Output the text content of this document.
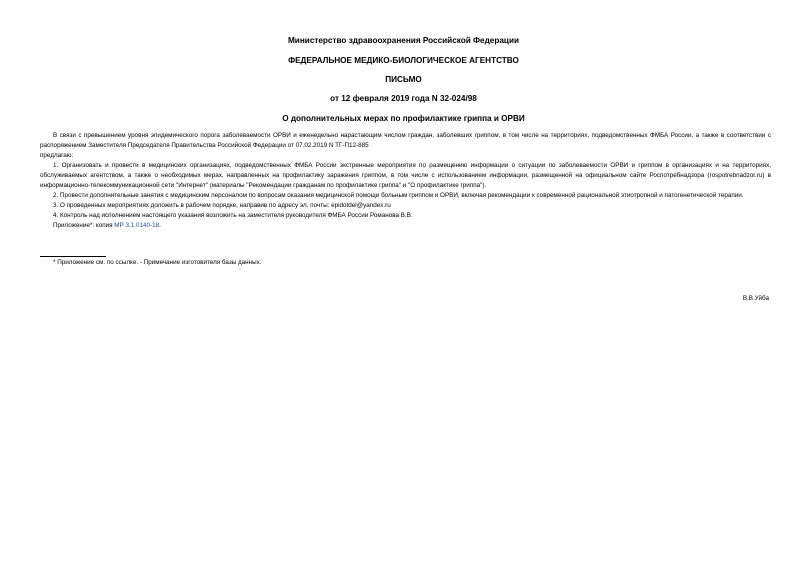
Министерство здравоохранения Российской Федерации
ФЕДЕРАЛЬНОЕ МЕДИКО-БИОЛОГИЧЕСКОЕ АГЕНТСТВО
ПИСЬМО
от 12 февраля 2019 года N 32-024/98
О дополнительных мерах по профилактике гриппа и ОРВИ

В связи с превышением уровня эпидемического порога заболеваемости ОРВИ и еженедельно нарастающим числом граждан, заболевших гриппом, в том числе на территориях, подведомственных ФМБА России, а также в соответствии с распоряжением Заместителя Председателя Правительства Российской Федерации от 07.02.2019 N ТГ-П12-885

предлагаю:

1. Организовать и провести в медицинских организациях, подведомственных ФМБА России экстренные мероприятия по размещению информации о ситуации по заболеваемости ОРВИ и гриппом в организациях и на территориях, обслуживаемых агентством, а также о необходимых мерах, направленных на профилактику заражения гриппом, в том числе с использованием информации, размещенной на официальном сайте Роспотребнадзора (rospotrebnadzor.ru) в информационно-телекоммуникационной сети "Интернет" (материалы "Рекомендации гражданам по профилактике гриппа" и "О профилактике гриппа").

2. Провести дополнительные занятия с медицинским персоналом по вопросам оказания медицинской помощи больным гриппом и ОРВИ, включая рекомендации к современной рациональной этиотропной и патогенетической терапии.

3. О проведенных мероприятиях доложить в рабочем порядке, направив по адресу эл. почты: epidotdel@yandex.ru

4. Контроль над исполнением настоящего указания возложить на заместителя руководителя ФМБА России Романова В.В.

Приложение*: копия МР 3.1.0140-18.

* Приложение см. по ссылке. - Примечание изготовителя базы данных.
В.В.Уйба
